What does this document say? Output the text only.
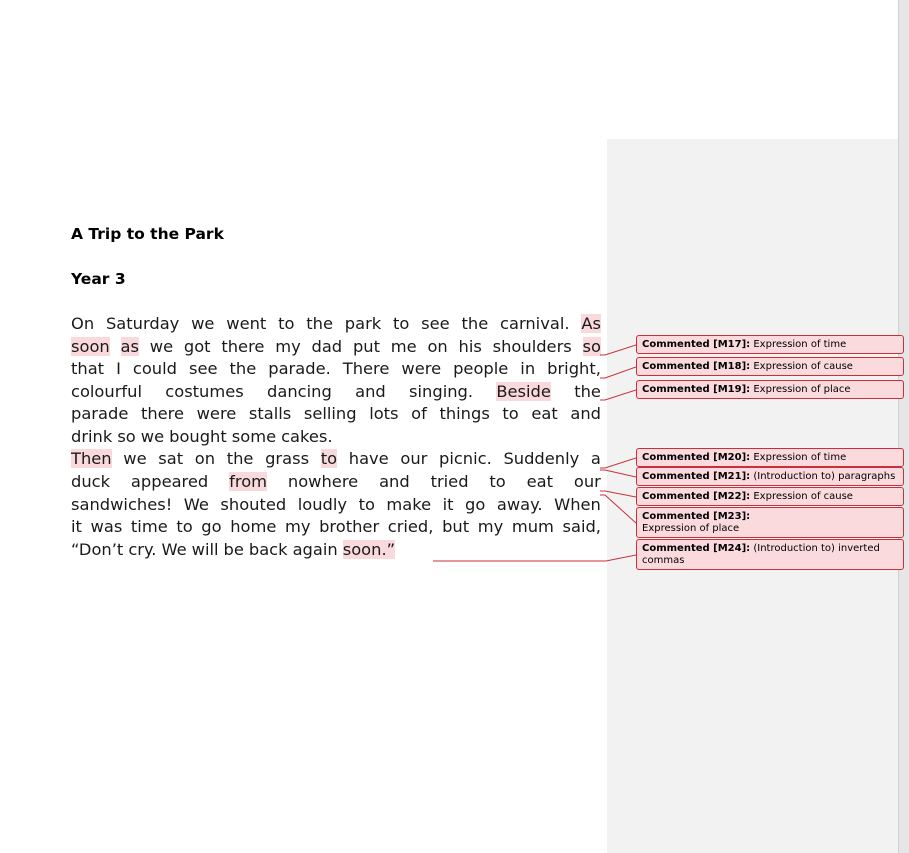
A Trip to the Park
Year 3
On Saturday we went to the park to see the carnival. As
soon as we got there my dad put me on his shoulders so
that I could see the parade. There were people in bright,
colourful costumes dancing and singing. Beside the
parade there were stalls selling lots of things to eat and
drink so we bought some cakes.
Then we sat on the grass to have our picnic. Suddenly a
duck appeared from nowhere and tried to eat our
sandwiches! We shouted loudly to make it go away. When
it was time to go home my brother cried, but my mum said,
“Don’t cry. We will be back again soon.”
Commented [M17]: Expression of time
Commented [M18]: Expression of cause
Commented [M19]: Expression of place
Commented [M20]: Expression of time
Commented [M21]: (Introduction to) paragraphs
Commented [M22]: Expression of cause
Commented [M23]:
Expression of place
Commented [M24]: (Introduction to) inverted commas
